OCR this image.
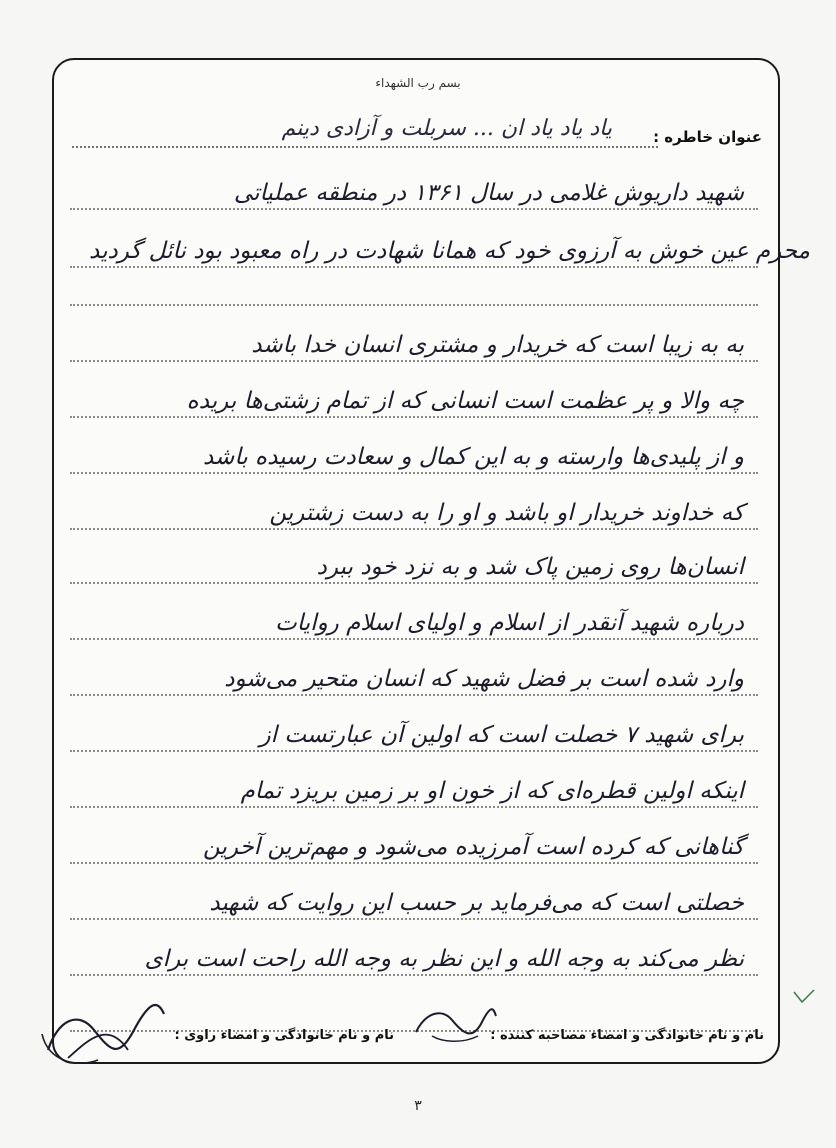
بسم رب الشهداء
عنوان خاطره :
یاد یاد یاد ان ... سربلت و آزادی دینم
شهید داریوش غلامی در سال ۱۳۶۱ در منطقه عملیاتی
محرم عین خوش به آرزوی خود که همانا شهادت در راه معبود بود نائل گردید
به به زیبا است که خریدار و مشتری انسان خدا باشد
چه والا و پر عظمت است انسانی که از تمام زشتی‌ها بریده
و از پلیدی‌ها وارسته و به این کمال و سعادت رسیده باشد
که خداوند خریدار او باشد و او را به دست زشترین
انسان‌ها روی زمین پاک شد و به نزد خود ببرد
درباره شهید آنقدر از اسلام و اولیای اسلام روایات
وارد شده است بر فضل شهید که انسان متحیر می‌شود
برای شهید ۷ خصلت است که اولین آن عبارتست از
اینکه اولین قطره‌ای که از خون او بر زمین بریزد تمام
گناهانی که کرده است آمرزیده می‌شود و مهم‌ترین آخرین
خصلتی است که می‌فرماید بر حسب این روایت که شهید
نظر می‌کند به وجه الله و این نظر به وجه الله راحت است برای
نام و نام خانوادگی و امضاء مصاحبه کننده :
نام و نام خانوادگی و امضاء راوی :
۳
